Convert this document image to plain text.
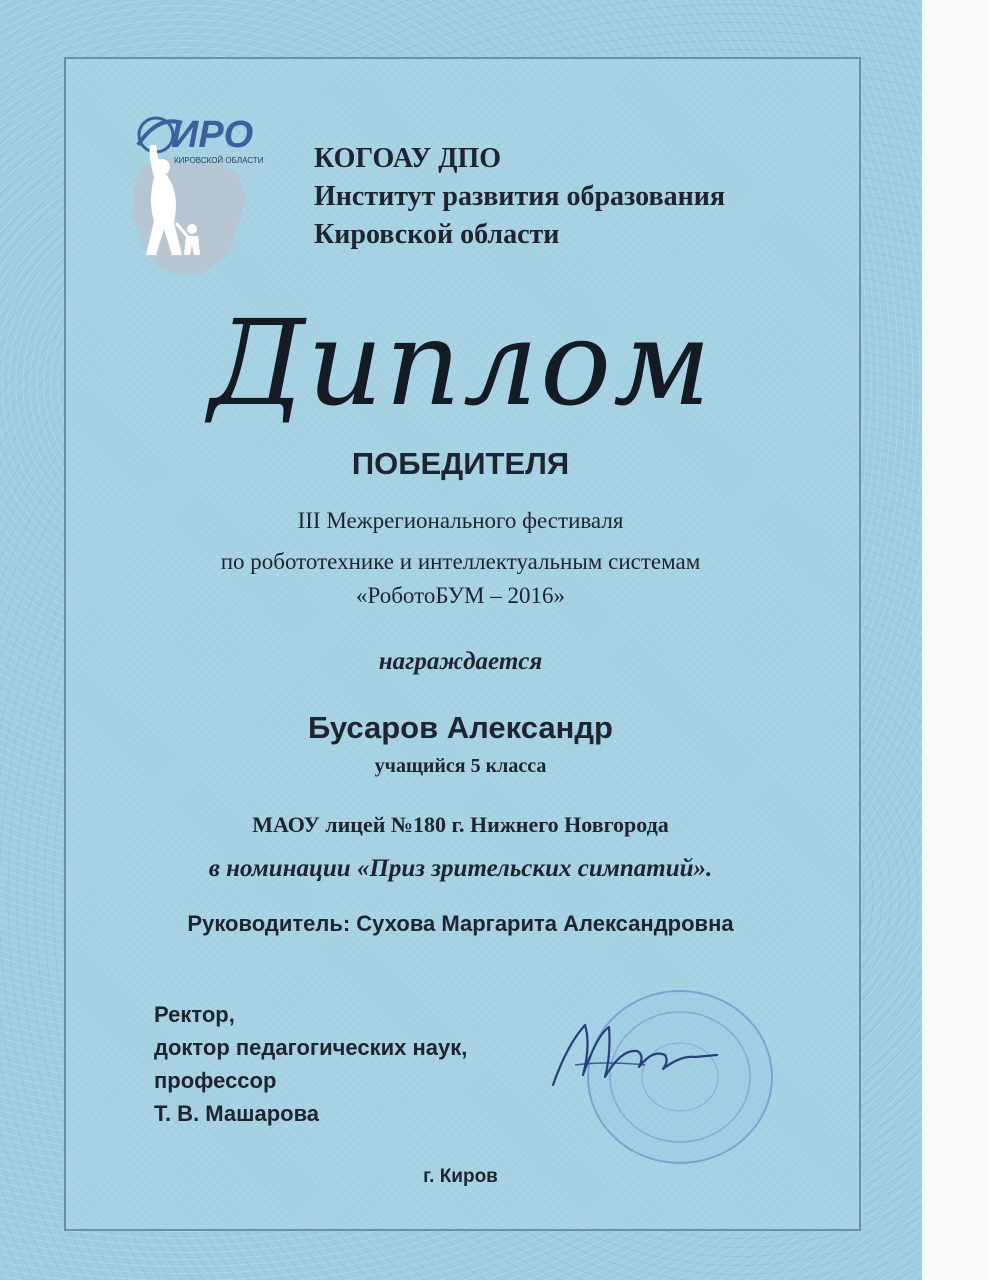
ИРО
КИРОВСКОЙ ОБЛАСТИ КОГОАУ ДПО
Институт развития образования
Кировской области
Диплом
ПОБЕДИТЕЛЯ
III Межрегионального фестиваля
по робототехнике и интеллектуальным системам
«РоботоБУМ – 2016»
награждается
Бусаров Александр
учащийся 5 класса
МАОУ лицей №180 г. Нижнего Новгорода
в номинации «Приз зрительских симпатий».
Руководитель: Сухова Маргарита Александровна
Ректор,
доктор педагогических наук,
профессор
Т. В. Машарова
г. Киров
